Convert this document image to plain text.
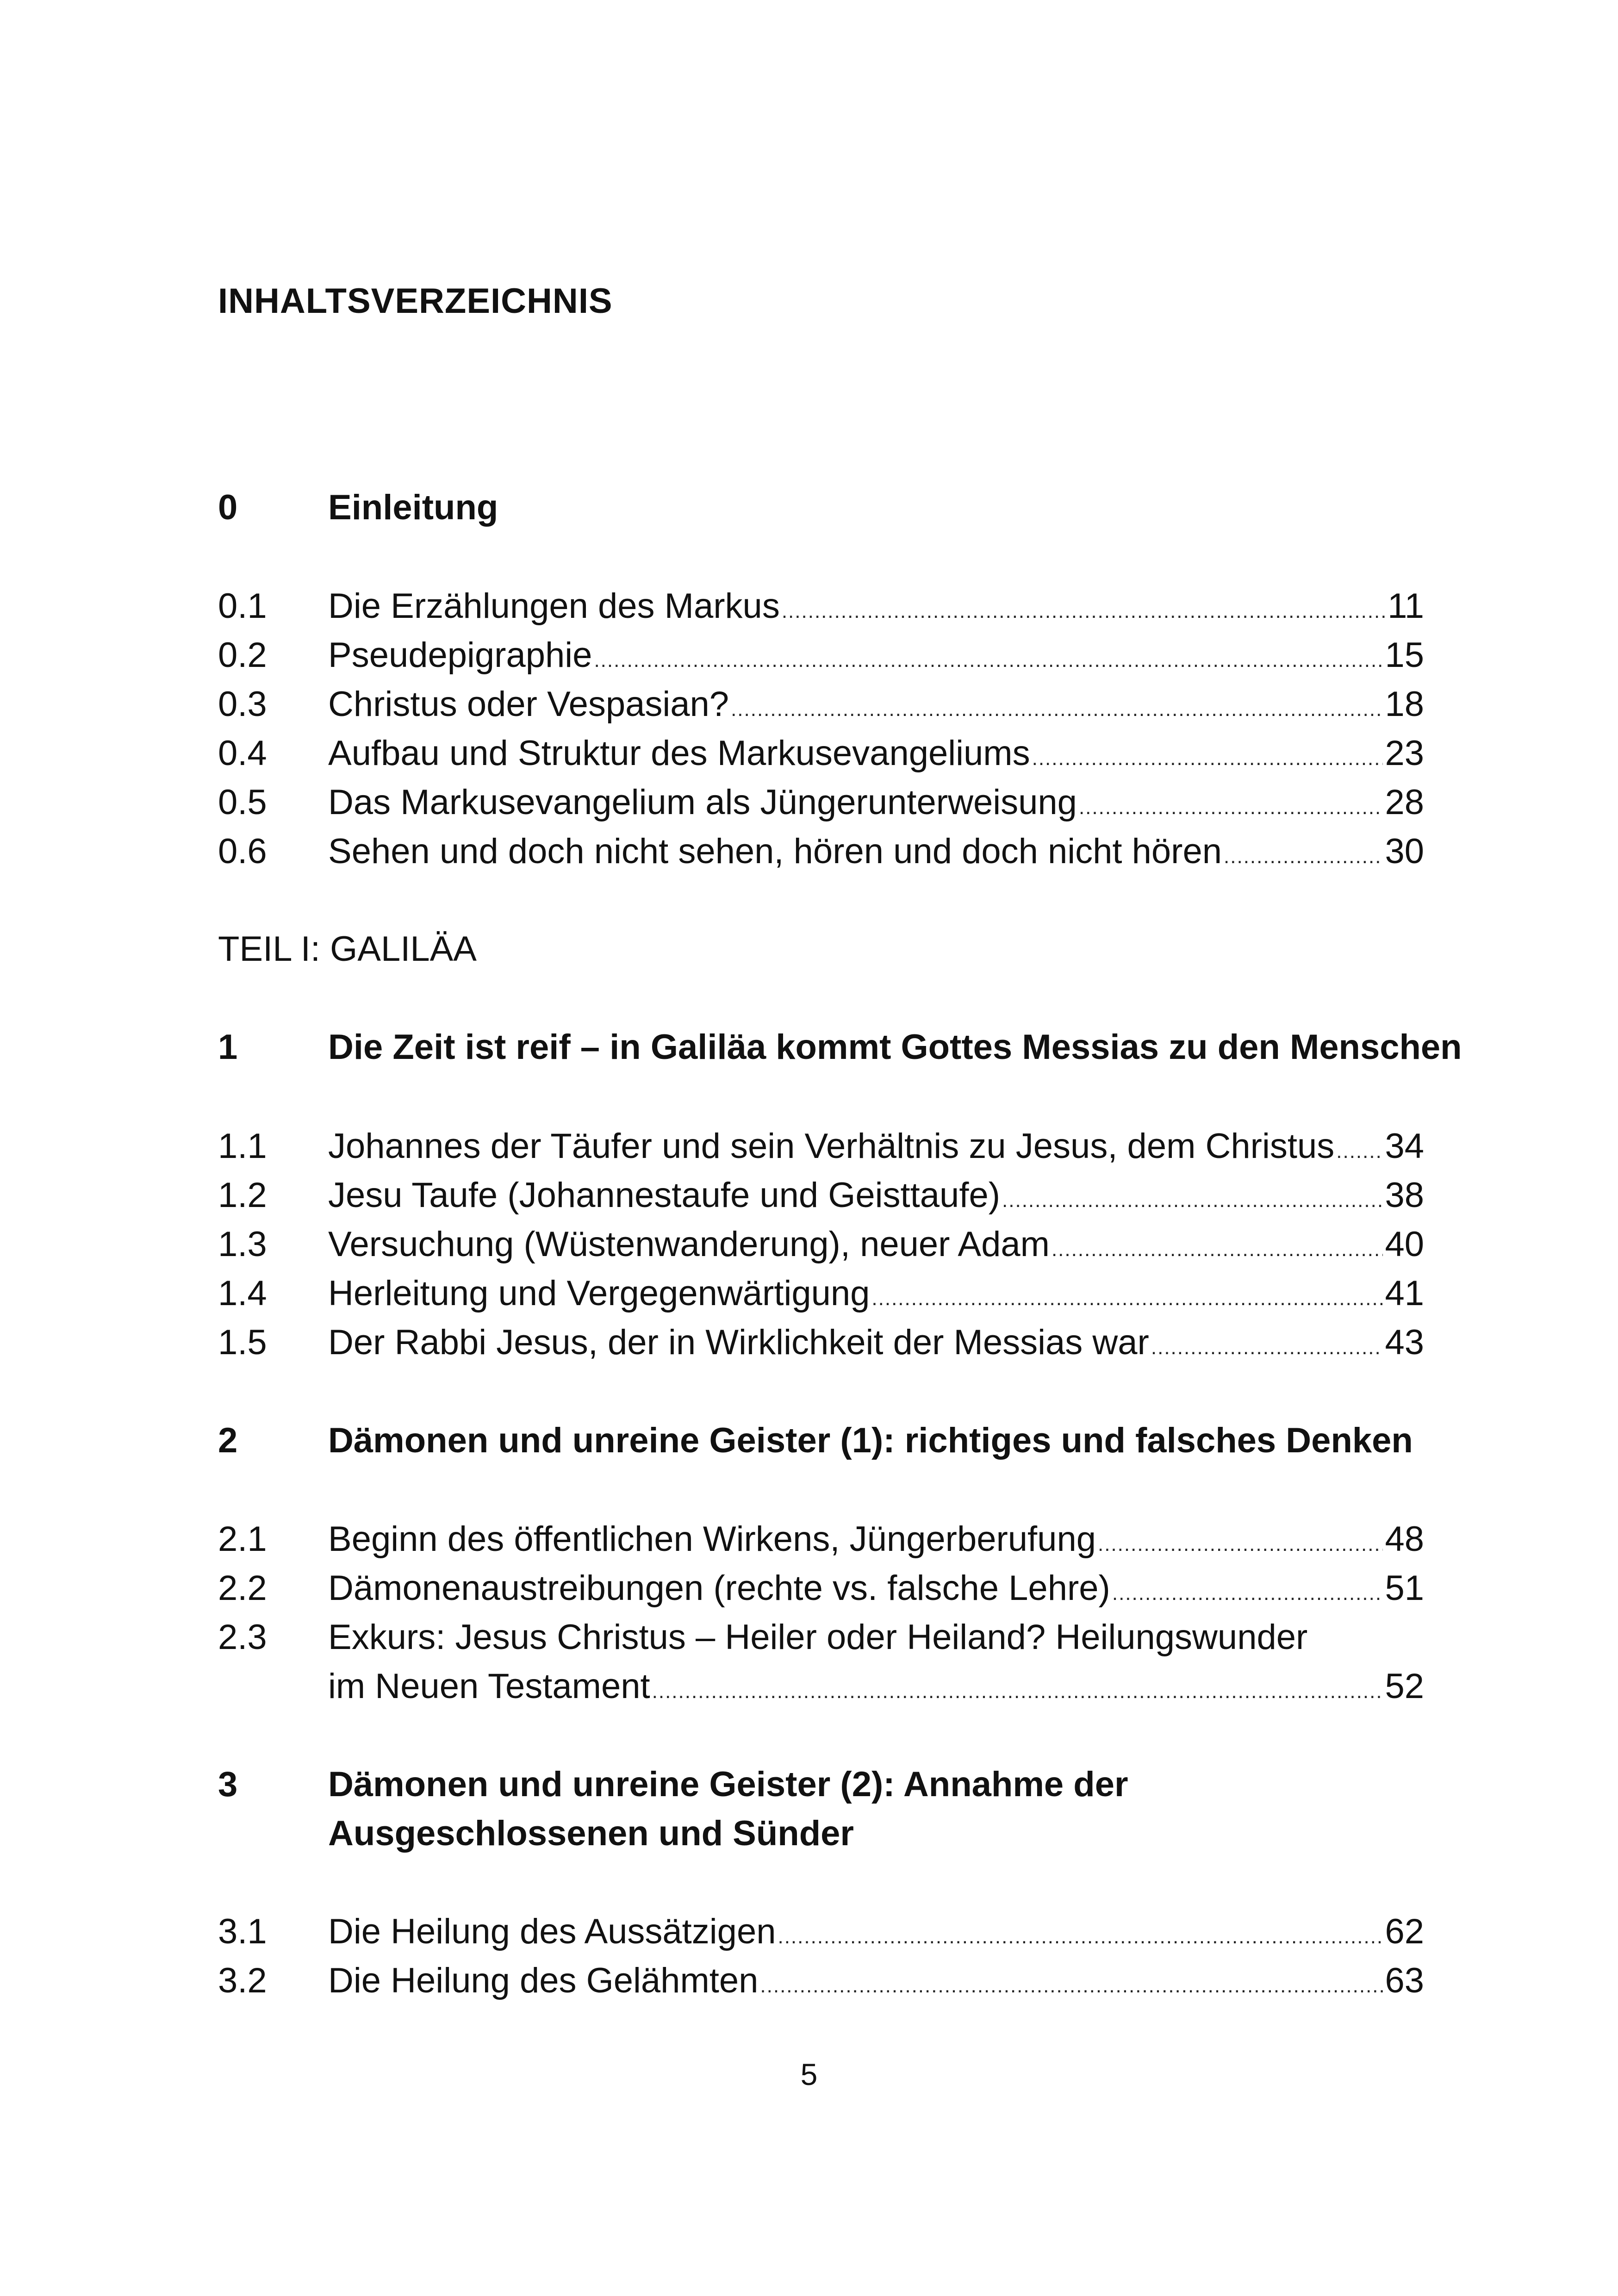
INHALTSVERZEICHNIS
0	Einleitung
0.1	Die Erzählungen des Markus .....	11
0.2	Pseudepigraphie .....	15
0.3	Christus oder Vespasian? .....	18
0.4	Aufbau und Struktur des Markusevangeliums .....	23
0.5	Das Markusevangelium als Jüngerunterweisung .....	28
0.6	Sehen und doch nicht sehen, hören und doch nicht hören .....	30
TEIL I: GALILÄA
1	Die Zeit ist reif – in Galiläa kommt Gottes Messias zu den Menschen
1.1	Johannes der Täufer und sein Verhältnis zu Jesus, dem Christus ..... 34
1.2	Jesu Taufe (Johannestaufe und Geisttaufe) .....	38
1.3	Versuchung (Wüstenwanderung), neuer Adam .....	40
1.4	Herleitung und Vergegenwärtigung .....	41
1.5	Der Rabbi Jesus, der in Wirklichkeit der Messias war .....	43
2	Dämonen und unreine Geister (1): richtiges und falsches Denken
2.1	Beginn des öffentlichen Wirkens, Jüngerberufung .....	48
2.2	Dämonenaustreibungen (rechte vs. falsche Lehre) .....	51
2.3	Exkurs: Jesus Christus – Heiler oder Heiland? Heilungswunder
im Neuen Testament .....	52
3	Dämonen und unreine Geister (2): Annahme der
Ausgeschlossenen und Sünder
3.1	Die Heilung des Aussätzigen .....	62
3.2	Die Heilung des Gelähmten .....	63
5
